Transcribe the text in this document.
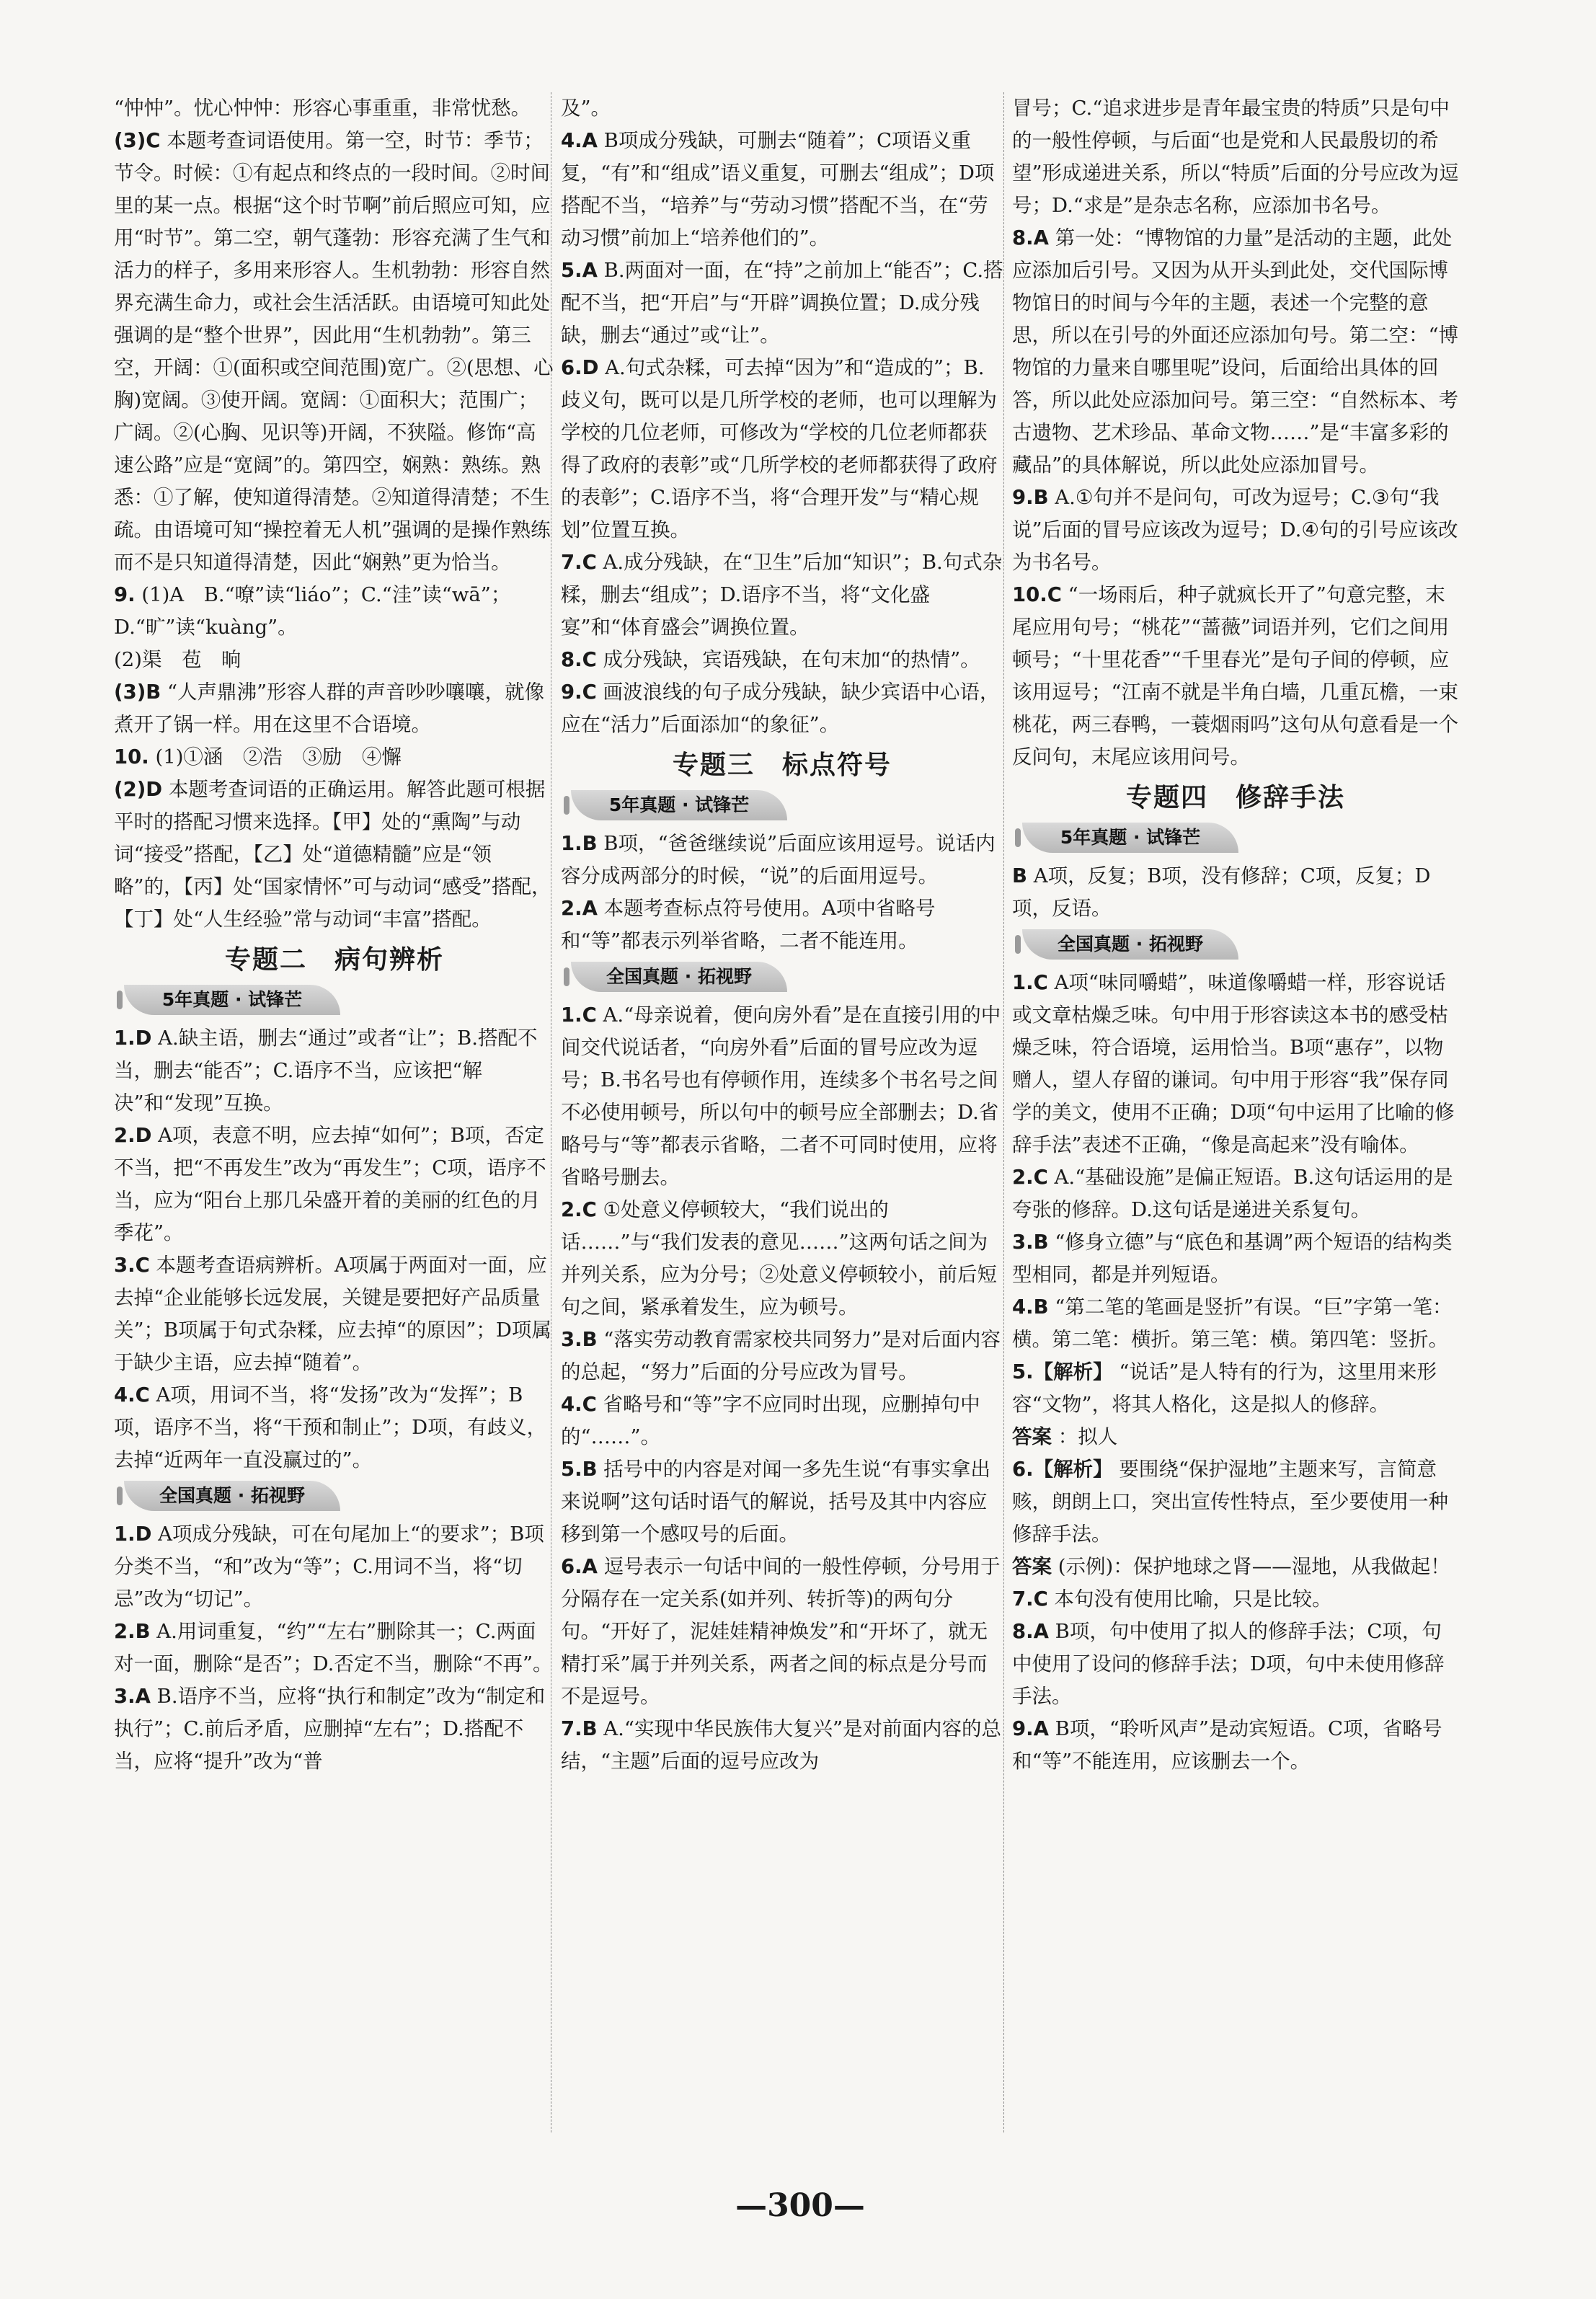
“忡忡”。忧心忡忡：形容心事重重，非常忧愁。

(3)C 本题考查词语使用。第一空，时节：季节；节令。时候：①有起点和终点的一段时间。②时间里的某一点。根据“这个时节啊”前后照应可知，应用“时节”。第二空，朝气蓬勃：形容充满了生气和活力的样子，多用来形容人。生机勃勃：形容自然界充满生命力，或社会生活活跃。由语境可知此处强调的是“整个世界”，因此用“生机勃勃”。第三空，开阔：①(面积或空间范围)宽广。②(思想、心胸)宽阔。③使开阔。宽阔：①面积大；范围广；广阔。②(心胸、见识等)开阔，不狭隘。修饰“高速公路”应是“宽阔”的。第四空，娴熟：熟练。熟悉：①了解，使知道得清楚。②知道得清楚；不生疏。由语境可知“操控着无人机”强调的是操作熟练而不是只知道得清楚，因此“娴熟”更为恰当。

9. (1)A　B.“嘹”读“liáo”；C.“洼”读“wā”；D.“旷”读“kuàng”。

(2)渠　苞　晌

(3)B “人声鼎沸”形容人群的声音吵吵嚷嚷，就像煮开了锅一样。用在这里不合语境。

10. (1)①涵　②浩　③励　④懈

(2)D 本题考查词语的正确运用。解答此题可根据平时的搭配习惯来选择。【甲】处的“熏陶”与动词“接受”搭配，【乙】处“道德精髓”应是“领略”的，【丙】处“国家情怀”可与动词“感受”搭配，【丁】处“人生经验”常与动词“丰富”搭配。

专题二　病句辨析
5年真题 · 试锋芒

1.D A.缺主语，删去“通过”或者“让”；B.搭配不当，删去“能否”；C.语序不当，应该把“解决”和“发现”互换。

2.D A项，表意不明，应去掉“如何”；B项，否定不当，把“不再发生”改为“再发生”；C项，语序不当，应为“阳台上那几朵盛开着的美丽的红色的月季花”。

3.C 本题考查语病辨析。A项属于两面对一面，应去掉“企业能够长远发展，关键是要把好产品质量关”；B项属于句式杂糅，应去掉“的原因”；D项属于缺少主语，应去掉“随着”。

4.C A项，用词不当，将“发扬”改为“发挥”；B项，语序不当，将“干预和制止”；D项，有歧义，去掉“近两年一直没赢过的”。

全国真题 · 拓视野

1.D A项成分残缺，可在句尾加上“的要求”；B项分类不当，“和”改为“等”；C.用词不当，将“切忌”改为“切记”。

2.B A.用词重复，“约”“左右”删除其一；C.两面对一面，删除“是否”；D.否定不当，删除“不再”。

3.A B.语序不当，应将“执行和制定”改为“制定和执行”；C.前后矛盾，应删掉“左右”；D.搭配不当，应将“提升”改为“普

及”。

4.A B项成分残缺，可删去“随着”；C项语义重复，“有”和“组成”语义重复，可删去“组成”；D项搭配不当，“培养”与“劳动习惯”搭配不当，在“劳动习惯”前加上“培养他们的”。

5.A B.两面对一面，在“持”之前加上“能否”；C.搭配不当，把“开启”与“开辟”调换位置；D.成分残缺，删去“通过”或“让”。

6.D A.句式杂糅，可去掉“因为”和“造成的”；B.歧义句，既可以是几所学校的老师，也可以理解为学校的几位老师，可修改为“学校的几位老师都获得了政府的表彰”或“几所学校的老师都获得了政府的表彰”；C.语序不当，将“合理开发”与“精心规划”位置互换。

7.C A.成分残缺，在“卫生”后加“知识”；B.句式杂糅，删去“组成”；D.语序不当，将“文化盛宴”和“体育盛会”调换位置。

8.C 成分残缺，宾语残缺，在句末加“的热情”。

9.C 画波浪线的句子成分残缺，缺少宾语中心语，应在“活力”后面添加“的象征”。

专题三　标点符号
5年真题 · 试锋芒

1.B B项，“爸爸继续说”后面应该用逗号。说话内容分成两部分的时候，“说”的后面用逗号。

2.A 本题考查标点符号使用。A项中省略号和“等”都表示列举省略，二者不能连用。

全国真题 · 拓视野

1.C A.“母亲说着，便向房外看”是在直接引用的中间交代说话者，“向房外看”后面的冒号应改为逗号；B.书名号也有停顿作用，连续多个书名号之间不必使用顿号，所以句中的顿号应全部删去；D.省略号与“等”都表示省略，二者不可同时使用，应将省略号删去。

2.C ①处意义停顿较大，“我们说出的话……”与“我们发表的意见……”这两句话之间为并列关系，应为分号；②处意义停顿较小，前后短句之间，紧承着发生，应为顿号。

3.B “落实劳动教育需家校共同努力”是对后面内容的总起，“努力”后面的分号应改为冒号。

4.C 省略号和“等”字不应同时出现，应删掉句中的“……”。

5.B 括号中的内容是对闻一多先生说“有事实拿出来说啊”这句话时语气的解说，括号及其中内容应移到第一个感叹号的后面。

6.A 逗号表示一句话中间的一般性停顿，分号用于分隔存在一定关系(如并列、转折等)的两句分句。“开好了，泥娃娃精神焕发”和“开坏了，就无精打采”属于并列关系，两者之间的标点是分号而不是逗号。

7.B A.“实现中华民族伟大复兴”是对前面内容的总结，“主题”后面的逗号应改为

冒号；C.“追求进步是青年最宝贵的特质”只是句中的一般性停顿，与后面“也是党和人民最殷切的希望”形成递进关系，所以“特质”后面的分号应改为逗号；D.“求是”是杂志名称，应添加书名号。

8.A 第一处：“博物馆的力量”是活动的主题，此处应添加后引号。又因为从开头到此处，交代国际博物馆日的时间与今年的主题，表述一个完整的意思，所以在引号的外面还应添加句号。第二空：“博物馆的力量来自哪里呢”设问，后面给出具体的回答，所以此处应添加问号。第三空：“自然标本、考古遗物、艺术珍品、革命文物……”是“丰富多彩的藏品”的具体解说，所以此处应添加冒号。

9.B A.①句并不是问句，可改为逗号；C.③句“我说”后面的冒号应该改为逗号；D.④句的引号应该改为书名号。

10.C “一场雨后，种子就疯长开了”句意完整，末尾应用句号；“桃花”“蔷薇”词语并列，它们之间用顿号；“十里花香”“千里春光”是句子间的停顿，应该用逗号；“江南不就是半角白墙，几重瓦檐，一束桃花，两三春鸭，一蓑烟雨吗”这句从句意看是一个反问句，末尾应该用问号。

专题四　修辞手法
5年真题 · 试锋芒

B A项，反复；B项，没有修辞；C项，反复；D项，反语。

全国真题 · 拓视野

1.C A项“味同嚼蜡”，味道像嚼蜡一样，形容说话或文章枯燥乏味。句中用于形容读这本书的感受枯燥乏味，符合语境，运用恰当。B项“惠存”，以物赠人，望人存留的谦词。句中用于形容“我”保存同学的美文，使用不正确；D项“句中运用了比喻的修辞手法”表述不正确，“像是高起来”没有喻体。

2.C A.“基础设施”是偏正短语。B.这句话运用的是夸张的修辞。D.这句话是递进关系复句。

3.B “修身立德”与“底色和基调”两个短语的结构类型相同，都是并列短语。

4.B “第二笔的笔画是竖折”有误。“巨”字第一笔：横。第二笔：横折。第三笔：横。第四笔：竖折。

5.【解析】 “说话”是人特有的行为，这里用来形容“文物”，将其人格化，这是拟人的修辞。

答案 ：拟人

6.【解析】 要围绕“保护湿地”主题来写，言简意赅，朗朗上口，突出宣传性特点，至少要使用一种修辞手法。

答案 (示例)：保护地球之肾——湿地，从我做起！

7.C 本句没有使用比喻，只是比较。

8.A B项，句中使用了拟人的修辞手法；C项，句中使用了设问的修辞手法；D项，句中未使用修辞手法。

9.A B项，“聆听风声”是动宾短语。C项，省略号和“等”不能连用，应该删去一个。

—300—
